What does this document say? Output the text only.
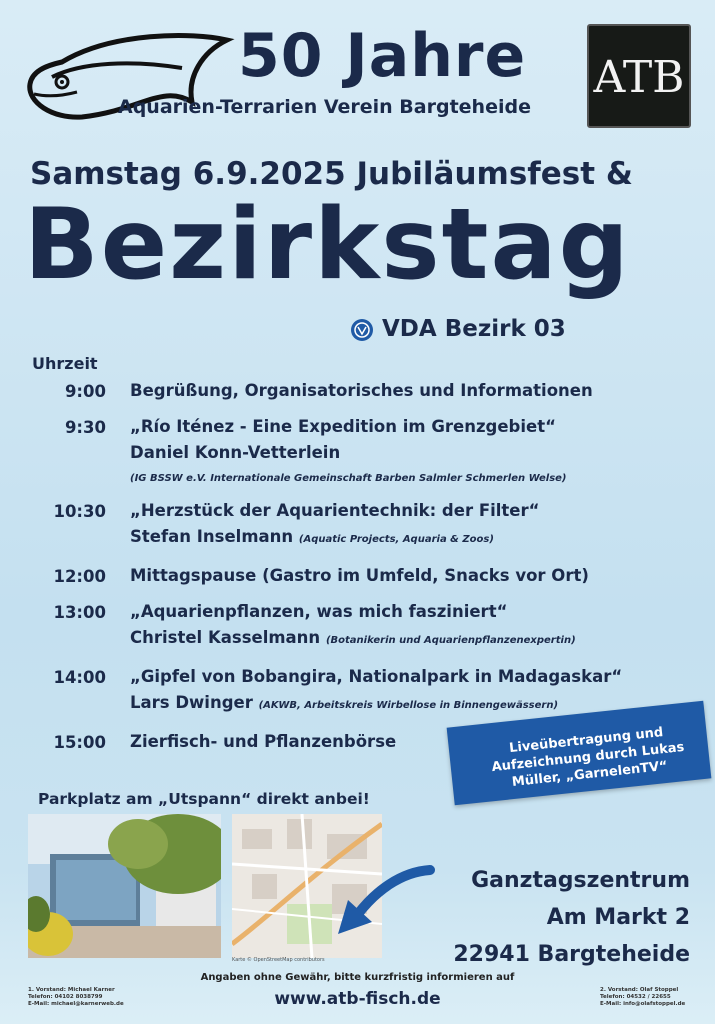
50 Jahre
Aquarien-Terrarien Verein Bargteheide
ATB
Samstag 6.9.2025 Jubiläumsfest &
Bezirkstag
VDA Bezirk 03
Uhrzeit
9:00 Begrüßung, Organisatorisches und Informationen
9:30 „Río Iténez - Eine Expedition im Grenzgebiet“
Daniel Konn-Vetterlein
(IG BSSW e.V. Internationale Gemeinschaft Barben Salmler Schmerlen Welse)
10:30 „Herzstück der Aquarientechnik: der Filter“
Stefan Inselmann (Aquatic Projects, Aquaria & Zoos)
12:00 Mittagspause (Gastro im Umfeld, Snacks vor Ort)
13:00 „Aquarienpflanzen, was mich fasziniert“
Christel Kasselmann (Botanikerin und Aquarienpflanzenexpertin)
14:00 „Gipfel von Bobangira, Nationalpark in Madagaskar“
Lars Dwinger (AKWB, Arbeitskreis Wirbellose in Binnengewässern)
15:00 Zierfisch- und Pflanzenbörse	Liveübertragung und Aufzeichnung durch Lukas Müller, „GarnelenTV“
Parkplatz am „Utspann“ direkt anbei!
Karte © OpenStreetMap contributors
Ganztagszentrum
Am Markt 2
22941 Bargteheide
Angaben ohne Gewähr, bitte kurzfristig informieren auf
www.atb-fisch.de
1. Vorstand: Michael Karner
Telefon: 04102 8038799
E-Mail: michael@karnerweb.de
2. Vorstand: Olaf Stoppel
Telefon: 04532 / 22655
E-Mail: info@olafstoppel.de
